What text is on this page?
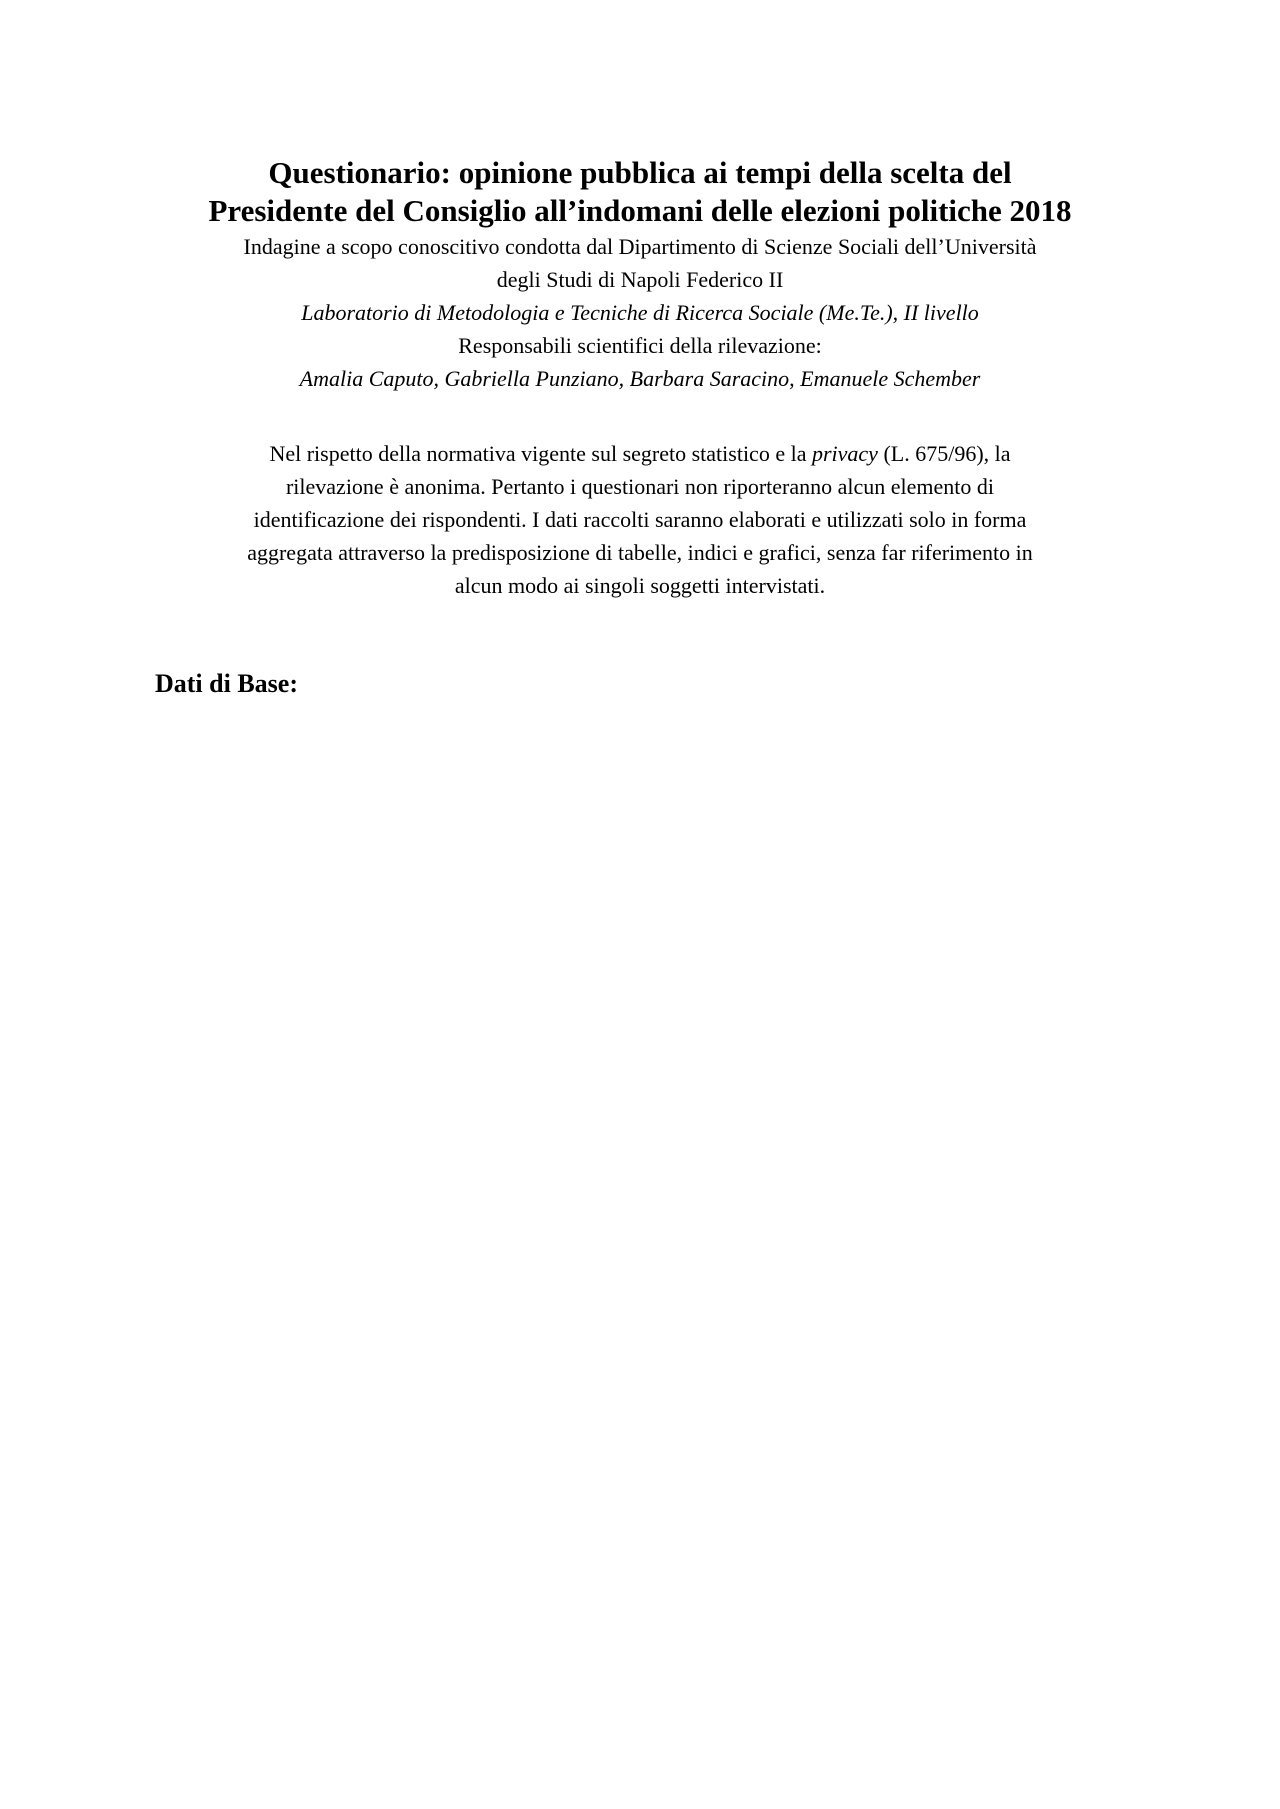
Questionario: opinione pubblica ai tempi della scelta del
Presidente del Consiglio all’indomani delle elezioni politiche 2018
Indagine a scopo conoscitivo condotta dal Dipartimento di Scienze Sociali dell’Università
degli Studi di Napoli Federico II
Laboratorio di Metodologia e Tecniche di Ricerca Sociale (Me.Te.), II livello
Responsabili scientifici della rilevazione:
Amalia Caputo, Gabriella Punziano, Barbara Saracino, Emanuele Schember
Nel rispetto della normativa vigente sul segreto statistico e la privacy (L. 675/96), la
rilevazione è anonima. Pertanto i questionari non riporteranno alcun elemento di
identificazione dei rispondenti. I dati raccolti saranno elaborati e utilizzati solo in forma
aggregata attraverso la predisposizione di tabelle, indici e grafici, senza far riferimento in
alcun modo ai singoli soggetti intervistati.
Dati di Base:
